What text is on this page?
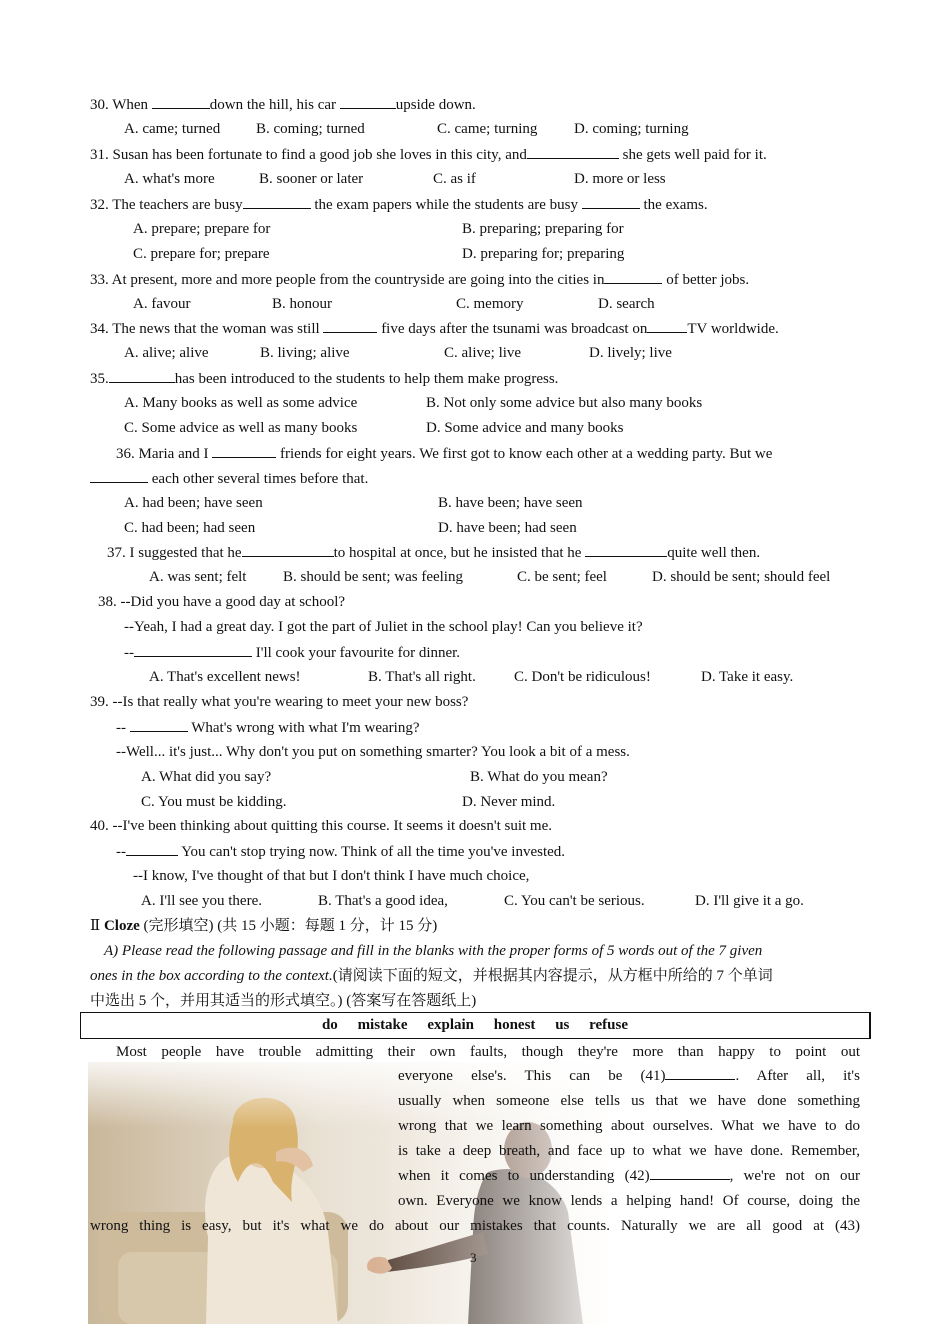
30. When	down the hill, his car	upside down.
A. came; turned B. coming; turned	C. came; turning D. coming; turning
31. Susan has been fortunate to find a good job she loves in this city, and	she gets well paid for it.
A. what's more	B. sooner or later	C. as if	D. more or less
32. The teachers are busy	the exam papers while the students are busy	the exams.
A. prepare; prepare for	B. preparing; preparing for
C. prepare for; prepare	D. preparing for; preparing
33. At present, more and more people from the countryside are going into the cities in	of better jobs.
A. favour	B. honour	C. memory	D. search
34. The news that the woman was still	five days after the tsunami was broadcast on	TV worldwide.
A. alive; alive	B. living; alive	C. alive; live	D. lively; live
35.	has been introduced to the students to help them make progress.
A. Many books as well as some advice	B. Not only some advice but also many books
C. Some advice as well as many books	D. Some advice and many books
36. Maria and I	friends for eight years. We first got to know each other at a wedding party. But we
each other several times before that.
A. had been; have seen	B. have been; have seen
C. had been; had seen	D. have been; had seen
37. I suggested that he	to hospital at once, but he insisted that he	quite well then.
A. was sent; felt B. should be sent; was feeling	C. be sent; feel	D. should be sent; should feel
38. --Did you have a good day at school?
--Yeah, I had a great day. I got the part of Juliet in the school play! Can you believe it?
--	I'll cook your favourite for dinner.
A. That's excellent news!	B. That's all right.	C. Don't be ridiculous!	D. Take it easy.
39. --Is that really what you're wearing to meet your new boss?
--	What's wrong with what I'm wearing?
--Well... it's just... Why don't you put on something smarter? You look a bit of a mess.
A. What did you say?	B. What do you mean?
C. You must be kidding.	D. Never mind.
40. --I've been thinking about quitting this course. It seems it doesn't suit me.
--	You can't stop trying now. Think of all the time you've invested.
--I know, I've thought of that but I don't think I have much choice,
A. I'll see you there.	B. That's a good idea,	C. You can't be serious.	D. I'll give it a go.
Ⅱ Cloze (完形填空) (共 15 小题：每题 1 分，计 15 分)
A) Please read the following passage and fill in the blanks with the proper forms of 5 words out of the 7 given
ones in the box according to the context.(请阅读下面的短文，并根据其内容提示，从方框中所给的 7 个单词
中选出 5 个，并用其适当的形式填空。) (答案写在答题纸上)
do mistake explain honest us refuse
Most people have trouble admitting their own faults, though they're more than happy to point out
everyone else's. This can be (41)	. After all, it's
usually when someone else tells us that we have done something
wrong that we learn something about ourselves. What we have to do
is take a deep breath, and face up to what we have done. Remember,
when it comes to understanding (42)	, we're not on our
own. Everyone we know lends a helping hand! Of course, doing the
wrong thing is easy, but it's what we do about our mistakes that counts. Naturally we are all good at (43)
3
